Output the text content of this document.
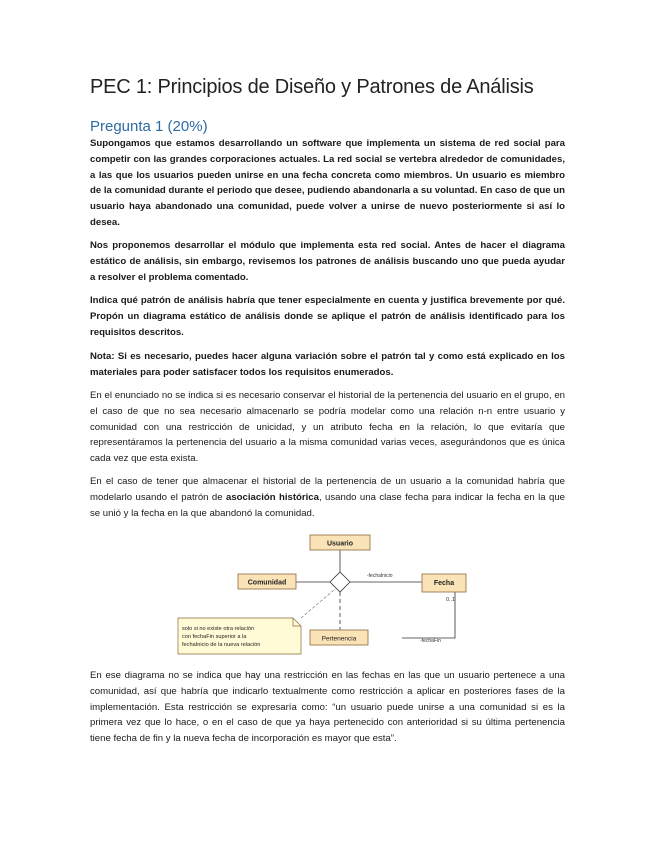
PEC 1: Principios de Diseño y Patrones de Análisis
Pregunta 1 (20%)

Supongamos que estamos desarrollando un software que implementa un sistema de red social para competir con las grandes corporaciones actuales. La red social se vertebra alrededor de comunidades, a las que los usuarios pueden unirse en una fecha concreta como miembros. Un usuario es miembro de la comunidad durante el periodo que desee, pudiendo abandonarla a su voluntad. En caso de que un usuario haya abandonado una comunidad, puede volver a unirse de nuevo posteriormente si así lo desea.

Nos proponemos desarrollar el módulo que implementa esta red social. Antes de hacer el diagrama estático de análisis, sin embargo, revisemos los patrones de análisis buscando uno que pueda ayudar a resolver el problema comentado.

Indica qué patrón de análisis habría que tener especialmente en cuenta y justifica brevemente por qué. Propón un diagrama estático de análisis donde se aplique el patrón de análisis identificado para los requisitos descritos.

Nota: Si es necesario, puedes hacer alguna variación sobre el patrón tal y como está explicado en los materiales para poder satisfacer todos los requisitos enumerados.

En el enunciado no se indica si es necesario conservar el historial de la pertenencia del usuario en el grupo, en el caso de que no sea necesario almacenarlo se podría modelar como una relación n-n entre usuario y comunidad con una restricción de unicidad, y un atributo fecha en la relación, lo que evitaría que representáramos la pertenencia del usuario a la misma comunidad varias veces, asegurándonos que es única cada vez que esta exista.

En el caso de tener que almacenar el historial de la pertenencia de un usuario a la comunidad habría que modelarlo usando el patrón de asociación histórica, usando una clase fecha para indicar la fecha en la que se unió y la fecha en la que abandonó la comunidad.

Usuario
Comunidad	Fecha
Pertenencia
-fechaInicio
-fechaFin
0..1
solo si no existe otra relación
con fechaFin superior a la
fechaInicio de la nueva relación

En ese diagrama no se indica que hay una restricción en las fechas en las que un usuario pertenece a una comunidad, así que habría que indicarlo textualmente como restricción a aplicar en posteriores fases de la implementación. Esta restricción se expresaría como: “un usuario puede unirse a una comunidad si es la primera vez que lo hace, o en el caso de que ya haya pertenecido con anterioridad si su última pertenencia tiene fecha de fin y la nueva fecha de incorporación es mayor que esta”.
